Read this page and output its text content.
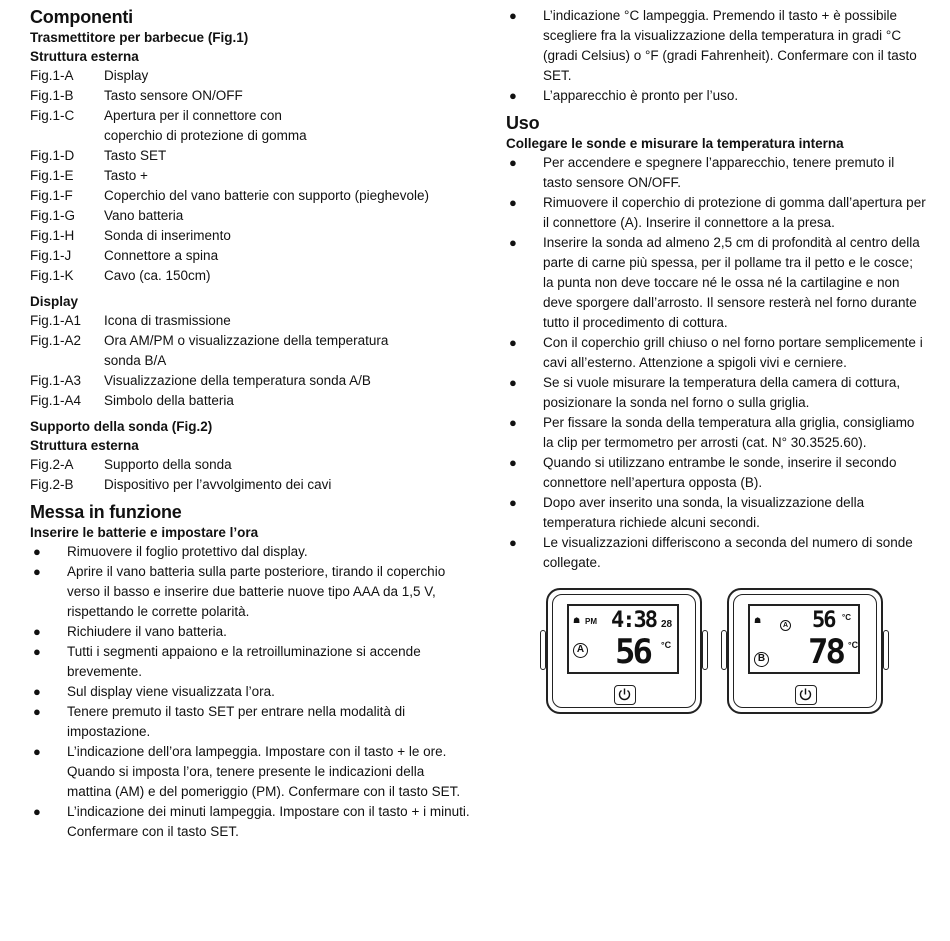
Componenti
Trasmettitore per barbecue (Fig.1)
Struttura esterna
Fig.1-A	Display
Fig.1-B	Tasto sensore ON/OFF
Fig.1-C	Apertura per il connettore con
coperchio di protezione di gomma
Fig.1-D	Tasto SET
Fig.1-E	Tasto +
Fig.1-F	Coperchio del vano batterie con supporto (pieghevole)
Fig.1-G	Vano batteria
Fig.1-H	Sonda di inserimento
Fig.1-J	Connettore a spina
Fig.1-K	Cavo (ca. 150cm)
Display
Fig.1-A1	Icona di trasmissione
Fig.1-A2	Ora AM/PM o visualizzazione della temperatura
sonda B/A
Fig.1-A3	Visualizzazione della temperatura sonda A/B
Fig.1-A4	Simbolo della batteria
Supporto della sonda (Fig.2)
Struttura esterna
Fig.2-A	Supporto della sonda
Fig.2-B	Dispositivo per l’avvolgimento dei cavi
Messa in funzione
Inserire le batterie e impostare l’ora
● Rimuovere il foglio protettivo dal display.
● Aprire il vano batteria sulla parte posteriore, tirando il coperchio verso il basso e inserire due batterie nuove tipo AAA da 1,5 V, rispettando le corrette polarità.
● Richiudere il vano batteria.
● Tutti i segmenti appaiono e la retroilluminazione si accende brevemente.
● Sul display viene visualizzata l’ora.
● Tenere premuto il tasto SET per entrare nella modalità di impostazione.
● L’indicazione dell’ora lampeggia. Impostare con il tasto + le ore. Quando si imposta l’ora, tenere presente le indicazioni della mattina (AM) e del pomeriggio (PM). Confermare con il tasto SET.
● L’indicazione dei minuti lampeggia. Impostare con il tasto + i minuti. Confermare con il tasto SET.
● L’indicazione °C lampeggia. Premendo il tasto + è possibile scegliere fra la visualizzazione della temperatura in gradi °C (gradi Celsius) o °F (gradi Fahrenheit). Confermare con il tasto SET.
● L’apparecchio è pronto per l’uso.
Uso
Collegare le sonde e misurare la temperatura interna
● Per accendere e spegnere l’apparecchio, tenere premuto il tasto sensore ON/OFF.
● Rimuovere il coperchio di protezione di gomma dall’apertura per il connettore (A). Inserire il connettore a la presa.
● Inserire la sonda ad almeno 2,5 cm di profondità al centro della parte di carne più spessa, per il pollame tra il petto e le cosce; la punta non deve toccare né le ossa né la cartilagine e non deve sporgere dall’arrosto. Il sensore resterà nel forno durante tutto il procedimento di cottura.
● Con il coperchio grill chiuso o nel forno portare semplicemente i cavi all’esterno. Attenzione a spigoli vivi e cerniere.
● Se si vuole misurare la temperatura della camera di cottura, posizionare la sonda nel forno o sulla griglia.
● Per fissare la sonda della temperatura alla griglia, consigliamo la clip per termometro per arrosti (cat. N° 30.3525.60).
● Quando si utilizzano entrambe le sonde, inserire il secondo connettore nell’apertura opposta (B).
● Dopo aver inserito una sonda, la visualizzazione della temperatura richiede alcuni secondi.
● Le visualizzazioni differiscono a seconda del numero di sonde collegate.
☗ PM 4:38 28
A 56 °C
☗
A 56 °C
B 78 °C
